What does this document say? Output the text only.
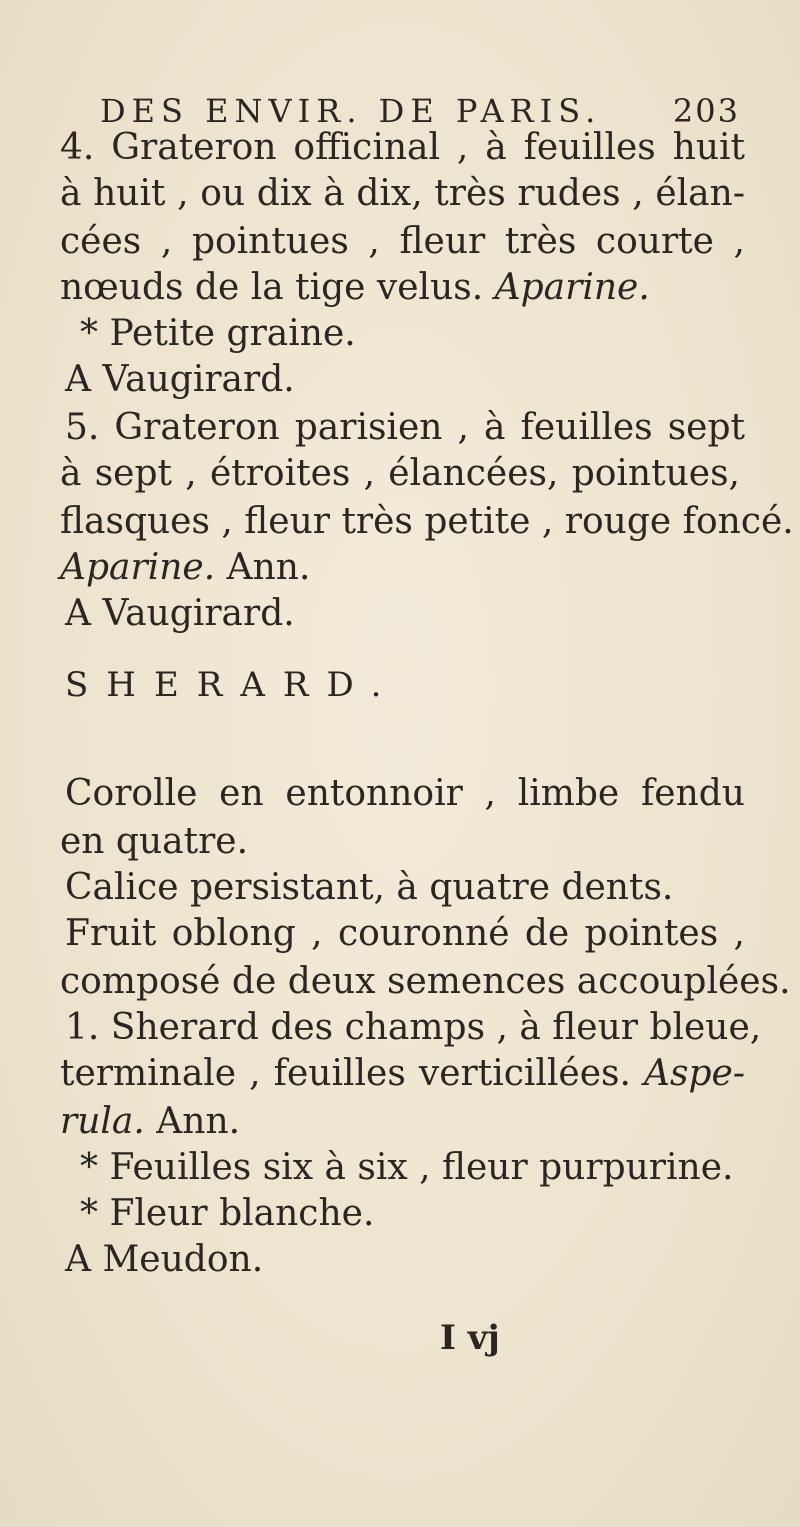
DES ENVIR. DE PARIS. 203
4. Grateron officinal , à feuilles huit
à huit , ou dix à dix, très rudes , élan-
cées , pointues , fleur très courte ,
nœuds de la tige velus. Aparine.
* Petite graine.
A Vaugirard.
5. Grateron parisien , à feuilles sept
à sept , étroites , élancées, pointues,
flasques , fleur très petite , rouge foncé.
Aparine. Ann.
A Vaugirard.
SHERARD.
Corolle en entonnoir , limbe fendu
en quatre.
Calice persistant, à quatre dents.
Fruit oblong , couronné de pointes ,
composé de deux semences accouplées.
1. Sherard des champs , à fleur bleue,
terminale , feuilles verticillées. Aspe-
rula. Ann.
* Feuilles six à six , fleur purpurine.
* Fleur blanche.
A Meudon.
I vj
